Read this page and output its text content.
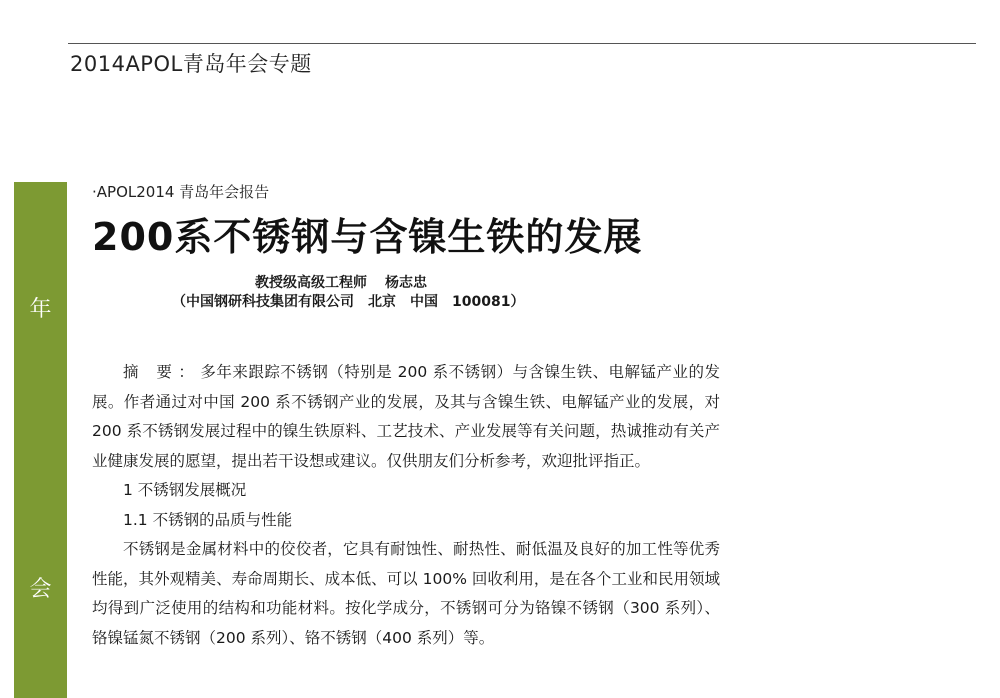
2014APOL青岛年会专题
年
会
·APOL2014 青岛年会报告
200系不锈钢与含镍生铁的发展
教授级高级工程师 杨志忠
（中国钢研科技集团有限公司　北京　中国　100081）

摘 要：多年来跟踪不锈钢（特别是 200 系不锈钢）与含镍生铁、电解锰产业的发展。作者通过对中国 200 系不锈钢产业的发展，及其与含镍生铁、电解锰产业的发展，对 200 系不锈钢发展过程中的镍生铁原料、工艺技术、产业发展等有关问题，热诚推动有关产业健康发展的愿望，提出若干设想或建议。仅供朋友们分析参考，欢迎批评指正。

1 不锈钢发展概况

1.1 不锈钢的品质与性能

不锈钢是金属材料中的佼佼者，它具有耐蚀性、耐热性、耐低温及良好的加工性等优秀性能，其外观精美、寿命周期长、成本低、可以 100% 回收利用，是在各个工业和民用领域均得到广泛使用的结构和功能材料。按化学成分，不锈钢可分为铬镍不锈钢（300 系列）、铬镍锰氮不锈钢（200 系列）、铬不锈钢（400 系列）等。
